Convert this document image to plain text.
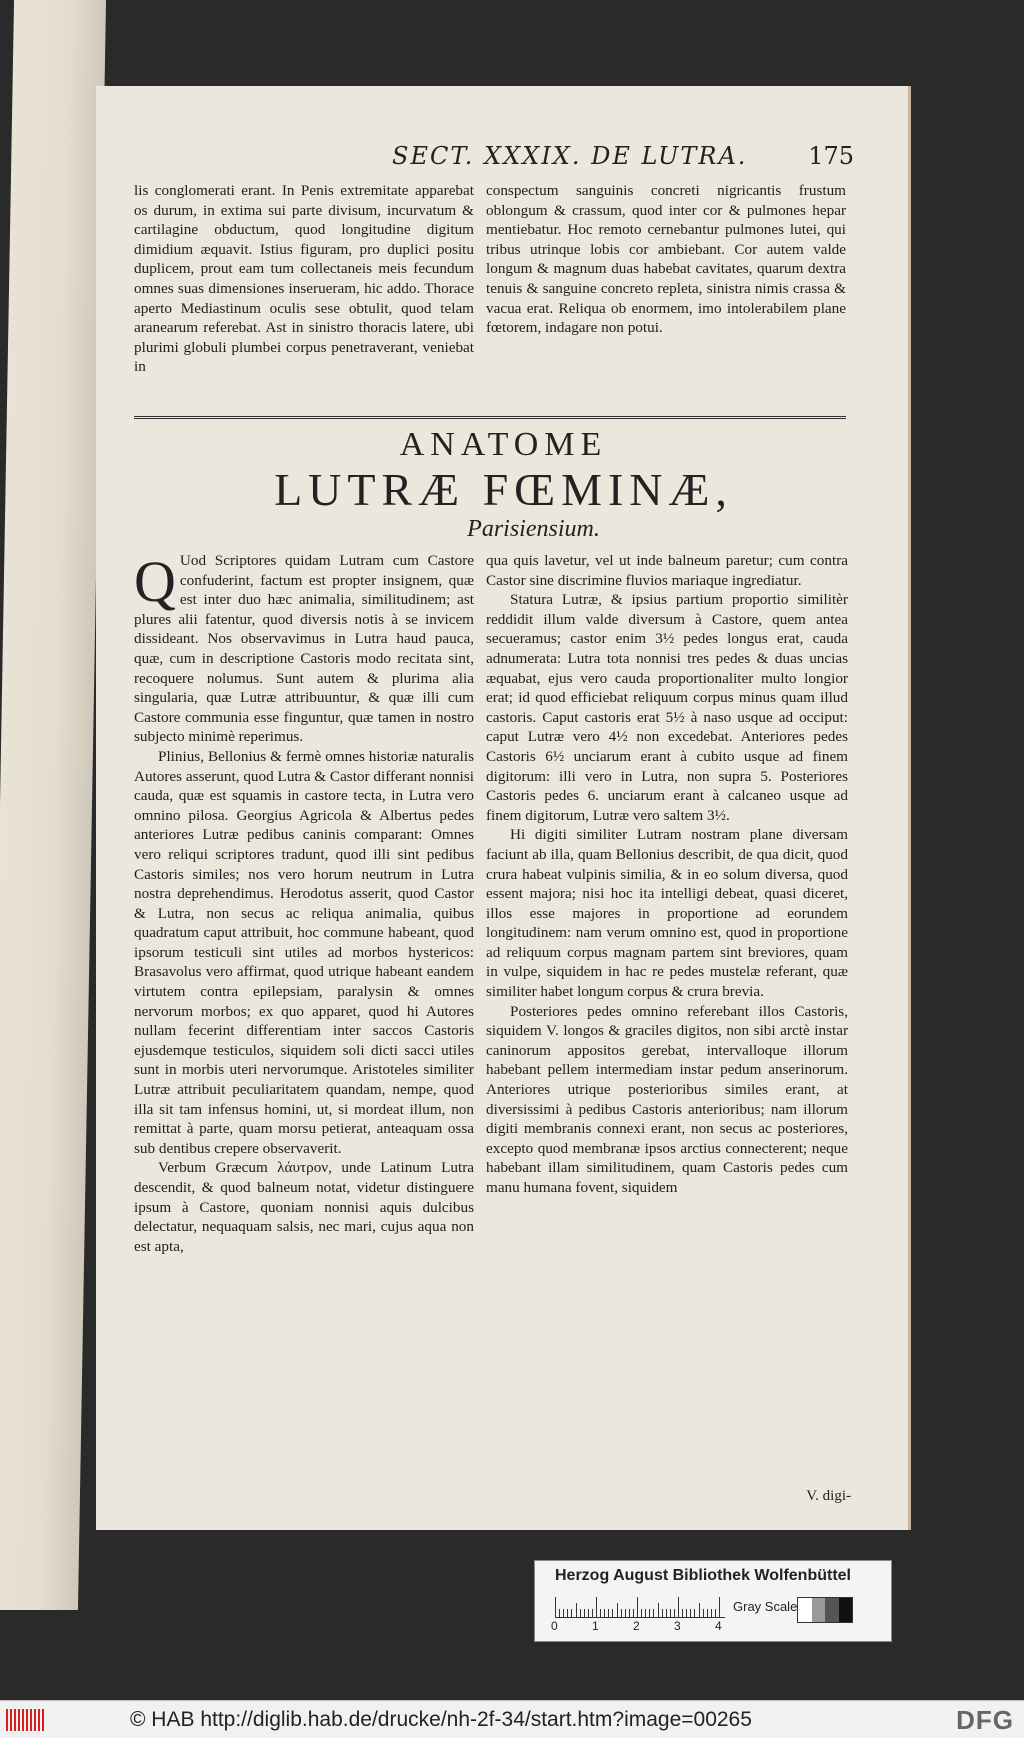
SECT. XXXIX. DE LUTRA.	175

lis conglomerati erant. In Penis extremitate apparebat os durum, in extima sui parte divisum, incurvatum & cartilagine obductum, quod longitudine digitum dimidium æquavit. Istius figuram, pro duplici positu duplicem, prout eam tum collectaneis meis fecundum omnes suas dimensiones inserueram, hic addo. Thorace aperto Mediastinum oculis sese obtulit, quod telam aranearum referebat. Ast in sinistro thoracis latere, ubi plurimi globuli plumbei corpus penetraverant, veniebat in

conspectum sanguinis concreti nigricantis frustum oblongum & crassum, quod inter cor & pulmones hepar mentiebatur. Hoc remoto cernebantur pulmones lutei, qui tribus utrinque lobis cor ambiebant. Cor autem valde longum & magnum duas habebat cavitates, quarum dextra tenuis & sanguine concreto repleta, sinistra nimis crassa & vacua erat. Reliqua ob enormem, imo intolerabilem plane fœtorem, indagare non potui.

ANATOME
LUTRÆ FŒMINÆ,
Parisiensium.

Q Uod Scriptores quidam Lutram cum Castore confuderint, factum est propter insignem, quæ est inter duo hæc animalia, similitudinem; ast plures alii fatentur, quod diversis notis à se invicem dissideant. Nos observavimus in Lutra haud pauca, quæ, cum in descriptione Castoris modo recitata sint, recoquere nolumus. Sunt autem & plurima alia singularia, quæ Lutræ attribuuntur, & quæ illi cum Castore communia esse finguntur, quæ tamen in nostro subjecto minimè reperimus.

Plinius, Bellonius & fermè omnes historiæ naturalis Autores asserunt, quod Lutra & Castor differant nonnisi cauda, quæ est squamis in castore tecta, in Lutra vero omnino pilosa. Georgius Agricola & Albertus pedes anteriores Lutræ pedibus caninis comparant: Omnes vero reliqui scriptores tradunt, quod illi sint pedibus Castoris similes; nos vero horum neutrum in Lutra nostra deprehendimus. Herodotus asserit, quod Castor & Lutra, non secus ac reliqua animalia, quibus quadratum caput attribuit, hoc commune habeant, quod ipsorum testiculi sint utiles ad morbos hystericos: Brasavolus vero affirmat, quod utrique habeant eandem virtutem contra epilepsiam, paralysin & omnes nervorum morbos; ex quo apparet, quod hi Autores nullam fecerint differentiam inter saccos Castoris ejusdemque testiculos, siquidem soli dicti sacci utiles sunt in morbis uteri nervorumque. Aristoteles similiter Lutræ attribuit peculiaritatem quandam, nempe, quod illa sit tam infensus homini, ut, si mordeat illum, non remittat à parte, quam morsu petierat, anteaquam ossa sub dentibus crepere observaverit.

Verbum Græcum λάυτρον, unde Latinum Lutra descendit, & quod balneum notat, videtur distinguere ipsum à Castore, quoniam nonnisi aquis dulcibus delectatur, nequaquam salsis, nec mari, cujus aqua non est apta,

qua quis lavetur, vel ut inde balneum paretur; cum contra Castor sine discrimine fluvios mariaque ingrediatur.

Statura Lutræ, & ipsius partium proportio similitèr reddidit illum valde diversum à Castore, quem antea secueramus; castor enim 3½ pedes longus erat, cauda adnumerata: Lutra tota nonnisi tres pedes & duas uncias æquabat, ejus vero cauda proportionaliter multo longior erat; id quod efficiebat reliquum corpus minus quam illud castoris. Caput castoris erat 5½ à naso usque ad occiput: caput Lutræ vero 4½ non excedebat. Anteriores pedes Castoris 6½ unciarum erant à cubito usque ad finem digitorum: illi vero in Lutra, non supra 5. Posteriores Castoris pedes 6. unciarum erant à calcaneo usque ad finem digitorum, Lutræ vero saltem 3½.

Hi digiti similiter Lutram nostram plane diversam faciunt ab illa, quam Bellonius describit, de qua dicit, quod crura habeat vulpinis similia, & in eo solum diversa, quod essent majora; nisi hoc ita intelligi debeat, quasi diceret, illos esse majores in proportione ad eorundem longitudinem: nam verum omnino est, quod in proportione ad reliquum corpus magnam partem sint breviores, quam in vulpe, siquidem in hac re pedes mustelæ referant, quæ similiter habet longum corpus & crura brevia.

Posteriores pedes omnino referebant illos Castoris, siquidem V. longos & graciles digitos, non sibi arctè instar caninorum appositos gerebat, intervalloque illorum habebant pellem intermediam instar pedum anserinorum. Anteriores utrique posterioribus similes erant, at diversissimi à pedibus Castoris anterioribus; nam illorum digiti membranis connexi erant, non secus ac posteriores, excepto quod membranæ ipsos arctius connecterent; neque habebant illam similitudinem, quam Castoris pedes cum manu humana fovent, siquidem

V. digi-
Herzog August Bibliothek Wolfenbüttel
0	1	2	3	4
Gray Scale
© HAB http://diglib.hab.de/drucke/nh-2f-34/start.htm?image=00265	DFG
